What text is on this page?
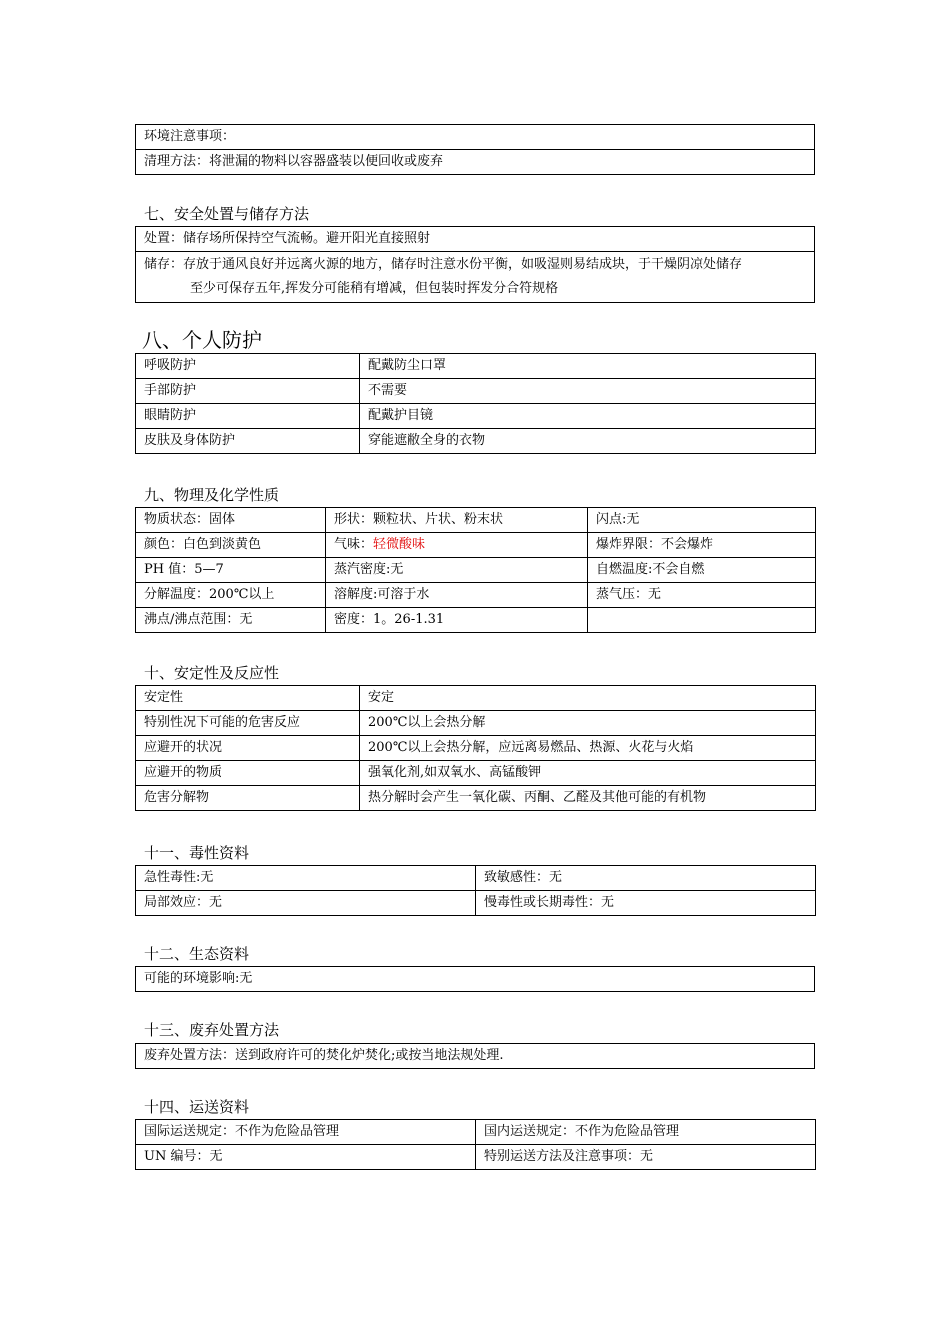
环境注意事项：
清理方法：将泄漏的物料以容器盛装以便回收或废弃
七、安全处置与储存方法
处置：储存场所保持空气流畅。避开阳光直接照射
储存：存放于通风良好并远离火源的地方，储存时注意水份平衡，如吸湿则易结成块，于干燥阴凉处储存
至少可保存五年,挥发分可能稍有增减，但包装时挥发分合符规格
八、个人防护
呼吸防护	配戴防尘口罩
手部防护	不需要
眼睛防护	配戴护目镜
皮肤及身体防护	穿能遮敝全身的衣物
九、物理及化学性质
物质状态：固体	形状：颗粒状、片状、粉末状	闪点:无
颜色：白色到淡黄色	气味：轻微酸味	爆炸界限：不会爆炸
PH 值：5—7	蒸汽密度:无	自燃温度:不会自燃
分解温度：200℃以上	溶解度:可溶于水	蒸气压：无
沸点/沸点范围：无	密度：1。26-1.31	
十、安定性及反应性
安定性	安定
特别性况下可能的危害反应	200℃以上会热分解
应避开的状况	200℃以上会热分解，应远离易燃品、热源、火花与火焰
应避开的物质	强氧化剂,如双氧水、高锰酸钾
危害分解物	热分解时会产生一氧化碳、丙酮、乙醛及其他可能的有机物
十一、毒性资料
急性毒性:无	致敏感性：无
局部效应：无	慢毒性或长期毒性：无
十二、生态资料
可能的环境影响:无
十三、废弃处置方法
废弃处置方法：送到政府许可的焚化炉焚化;或按当地法规处理.
十四、运送资料
国际运送规定：不作为危险品管理	国内运送规定：不作为危险品管理
UN 编号：无	特别运送方法及注意事项：无
